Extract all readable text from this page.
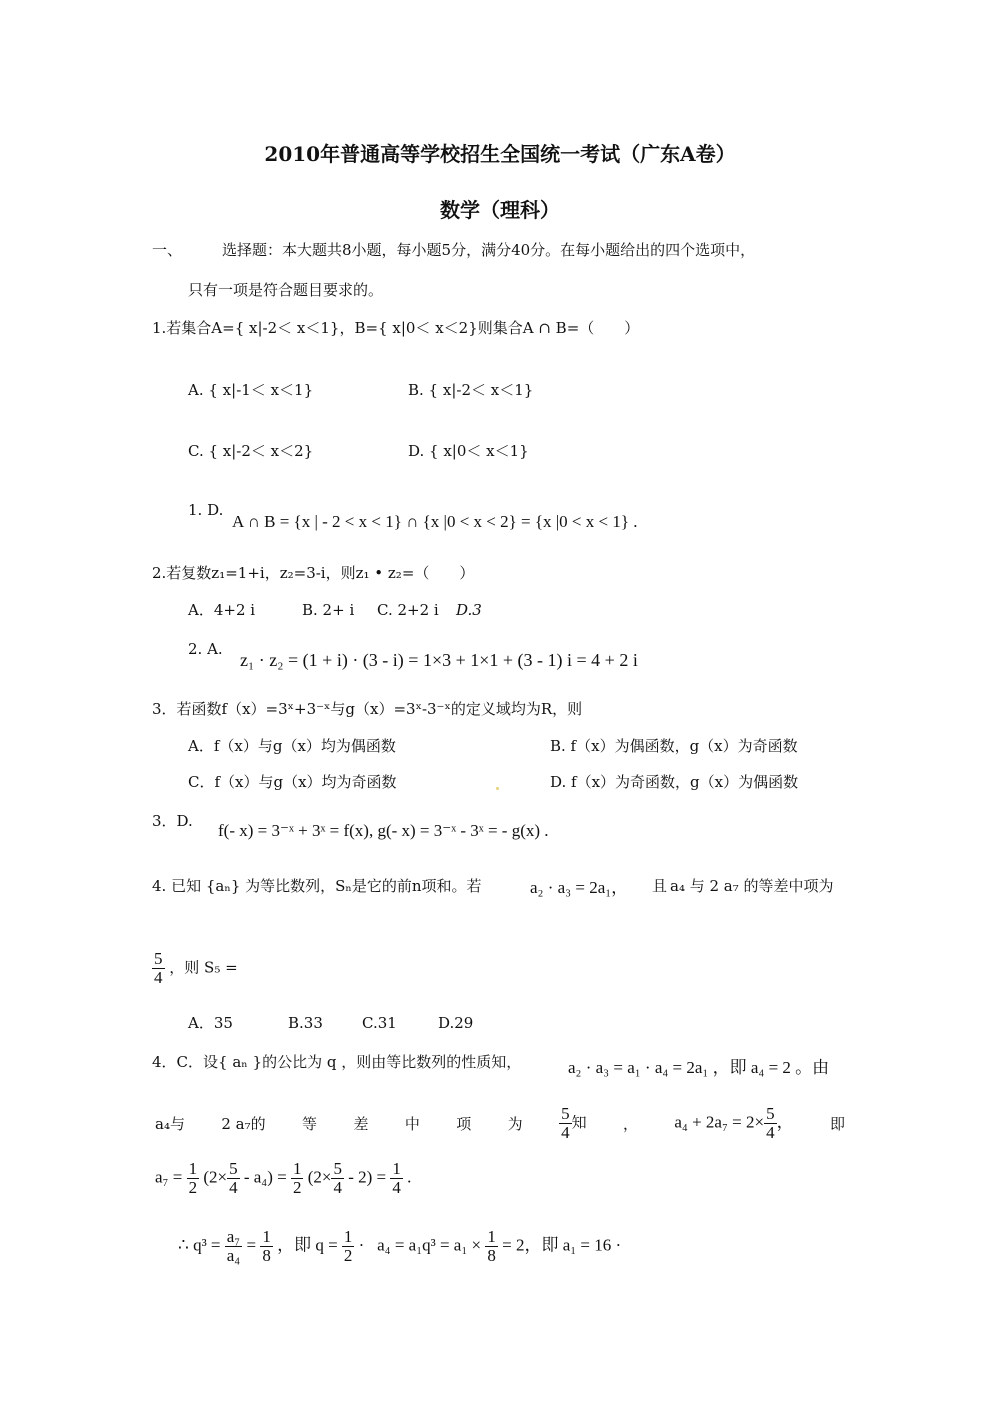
2010年普通高等学校招生全国统一考试（广东A卷）
数学（理科）
一、	选择题：本大题共8小题，每小题5分，满分40分。在每小题给出的四个选项中，
只有一项是符合题目要求的。
1.若集合A={ x|-2＜ x＜1}，B={ x|0＜ x＜2}则集合A ∩ B=（　　）
A. { x|-1＜ x＜1}	B. { x|-2＜ x＜1}
C. { x|-2＜ x＜2}	D. { x|0＜ x＜1}
1. D.
A ∩ B = {x | - 2 < x < 1} ∩ {x |0 < x < 2} = {x |0 < x < 1} .
2.若复数z₁=1+i，z₂=3-i，则z₁ • z₂=（　　）
A．4+2 i	B. 2+ i C. 2+2 i D.3
2. A.
z₁ · z₂ = (1 + i) · (3 - i) = 1×3 + 1×1 + (3 - 1) i = 4 + 2 i
3．若函数f（x）=3ˣ+3⁻ˣ与g（x）=3ˣ-3⁻ˣ的定义域均为R，则
A．f（x）与g（x）均为偶函数	B. f（x）为偶函数，g（x）为奇函数
C．f（x）与g（x）均为奇函数	D. f（x）为奇函数，g（x）为偶函数
3．D. f(- x) = 3⁻ˣ + 3ˣ = f(x), g(- x) = 3⁻ˣ - 3ˣ = - g(x) .
4. 已知 {aₙ} 为等比数列，Sₙ是它的前n项和。若	a₂ · a₃ = 2a₁， 且 a₄ 与 2 a₇ 的等差中项为
$\frac{5}{4}$ ，则 S₅ =
A．35	B.33	C.31	D.29
4．C．设{ aₙ }的公比为 q ，则由等比数列的性质知，	a₂ · a₃ = a₁ · a₄ = 2a₁ ，即 a₄ = 2 。由
a₄与 2 a₇的 等 差 中 项 为 $\frac{5}{4}$ 知 ， $a_4 + 2a_7 = 2\times \frac{5}{4}$ ， 即
$a_7 = \frac{1}{2} (2\times \frac{5}{4} - a_4) = \frac{1}{2} (2\times \frac{5}{4} - 2) = \frac{1}{4}$ .
∴ $q^3 = \frac{\text{a₇}}{\text{a₄}} = \frac{1}{8}$ ，即 $q = \frac{1}{2} \cdot a_4 = a_1q^3 = a_1 \times \frac{1}{8} = 2$，即 a₁ = 16 ·
